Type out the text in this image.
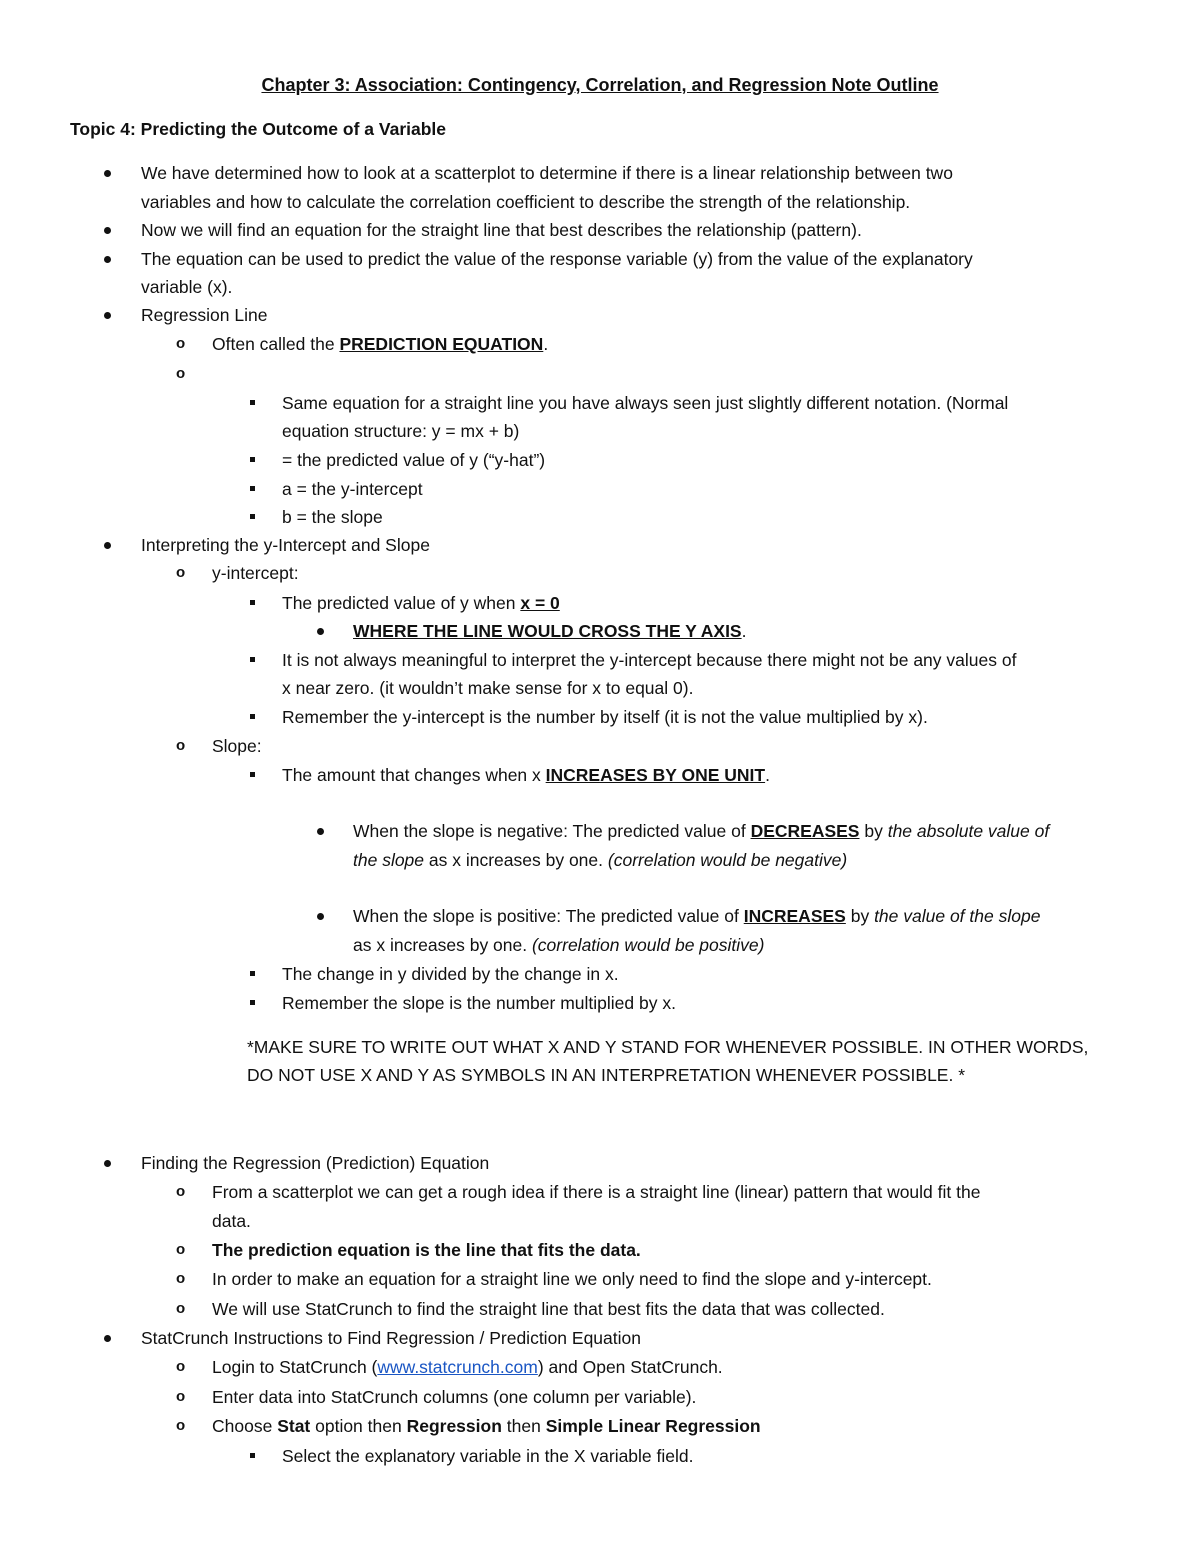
Chapter 3: Association: Contingency, Correlation, and Regression Note Outline
Topic 4: Predicting the Outcome of a Variable
We have determined how to look at a scatterplot to determine if there is a linear relationship between two
variables and how to calculate the correlation coefficient to describe the strength of the relationship.
Now we will find an equation for the straight line that best describes the relationship (pattern).
The equation can be used to predict the value of the response variable (y) from the value of the explanatory
variable (x).
Regression Line
o Often called the PREDICTION EQUATION.
o
Same equation for a straight line you have always seen just slightly different notation. (Normal
equation structure: y = mx + b)
= the predicted value of y (“y-hat”)
a = the y-intercept
b = the slope
Interpreting the y-Intercept and Slope
o y-intercept:
The predicted value of y when x = 0
WHERE THE LINE WOULD CROSS THE Y AXIS.
It is not always meaningful to interpret the y-intercept because there might not be any values of
x near zero. (it wouldn’t make sense for x to equal 0).
Remember the y-intercept is the number by itself (it is not the value multiplied by x).
o Slope:
The amount that changes when x INCREASES BY ONE UNIT.
When the slope is negative: The predicted value of DECREASES by the absolute value of
the slope as x increases by one. (correlation would be negative)
When the slope is positive: The predicted value of INCREASES by the value of the slope
as x increases by one. (correlation would be positive)
The change in y divided by the change in x.
Remember the slope is the number multiplied by x.
*MAKE SURE TO WRITE OUT WHAT X AND Y STAND FOR WHENEVER POSSIBLE. IN OTHER WORDS,
DO NOT USE X AND Y AS SYMBOLS IN AN INTERPRETATION WHENEVER POSSIBLE. *
Finding the Regression (Prediction) Equation
o From a scatterplot we can get a rough idea if there is a straight line (linear) pattern that would fit the
data.
o The prediction equation is the line that fits the data.
o In order to make an equation for a straight line we only need to find the slope and y-intercept.
o We will use StatCrunch to find the straight line that best fits the data that was collected.
StatCrunch Instructions to Find Regression / Prediction Equation
o Login to StatCrunch (www.statcrunch.com) and Open StatCrunch.
o Enter data into StatCrunch columns (one column per variable).
o Choose Stat option then Regression then Simple Linear Regression
Select the explanatory variable in the X variable field.
